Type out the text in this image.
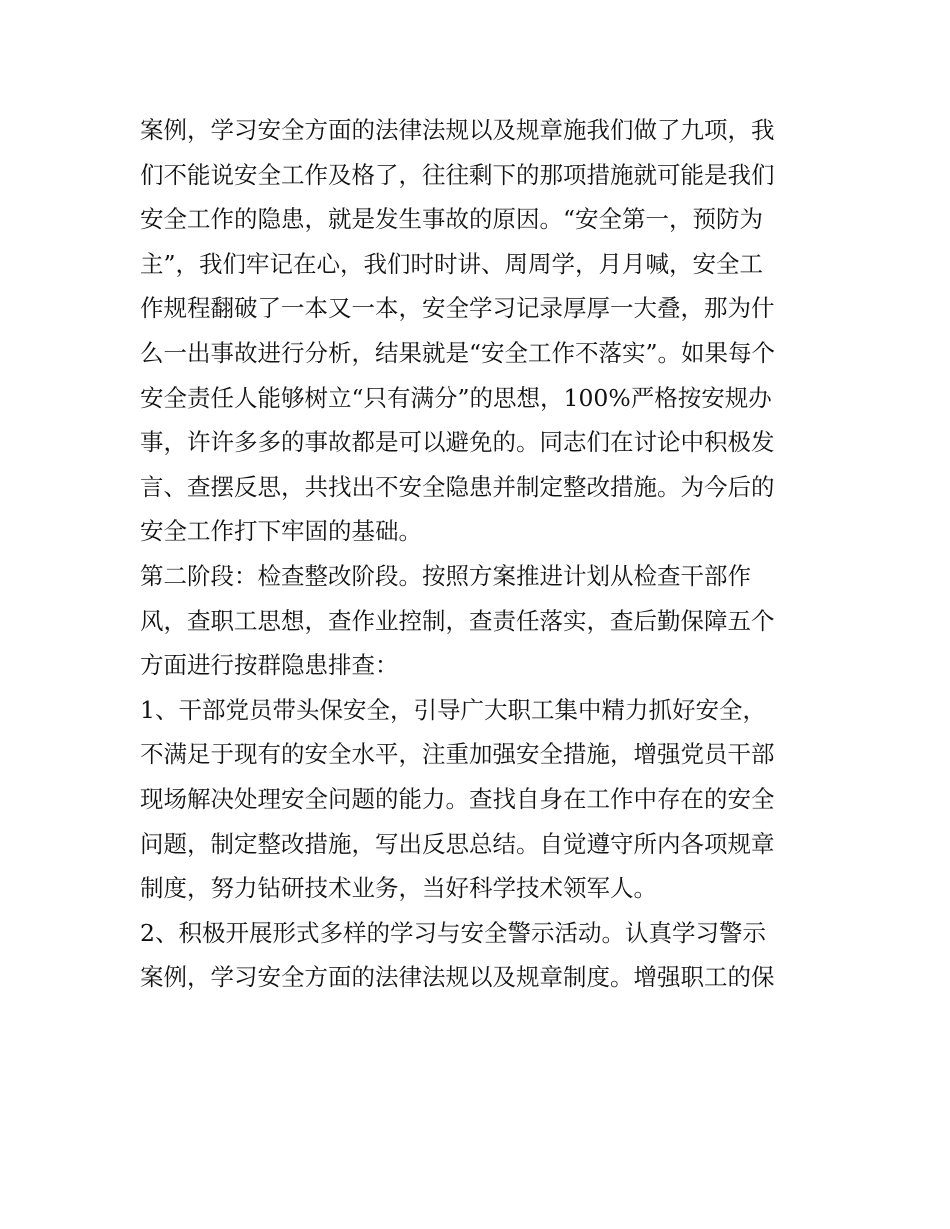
案例，学习安全方面的法律法规以及规章施我们做了九项，我
们不能说安全工作及格了，往往剩下的那项措施就可能是我们
安全工作的隐患，就是发生事故的原因。“安全第一，预防为
主”，我们牢记在心，我们时时讲、周周学，月月喊，安全工
作规程翻破了一本又一本，安全学习记录厚厚一大叠，那为什
么一出事故进行分析，结果就是“安全工作不落实”。如果每个
安全责任人能够树立“只有满分”的思想，100%严格按安规办
事，许许多多的事故都是可以避免的。同志们在讨论中积极发
言、查摆反思，共找出不安全隐患并制定整改措施。为今后的
安全工作打下牢固的基础。
第二阶段：检查整改阶段。按照方案推进计划从检查干部作
风，查职工思想，查作业控制，查责任落实，查后勤保障五个
方面进行按群隐患排查：
1、干部党员带头保安全，引导广大职工集中精力抓好安全，
不满足于现有的安全水平，注重加强安全措施，增强党员干部
现场解决处理安全问题的能力。查找自身在工作中存在的安全
问题，制定整改措施，写出反思总结。自觉遵守所内各项规章
制度，努力钻研技术业务，当好科学技术领军人。
2、积极开展形式多样的学习与安全警示活动。认真学习警示
案例，学习安全方面的法律法规以及规章制度。增强职工的保
